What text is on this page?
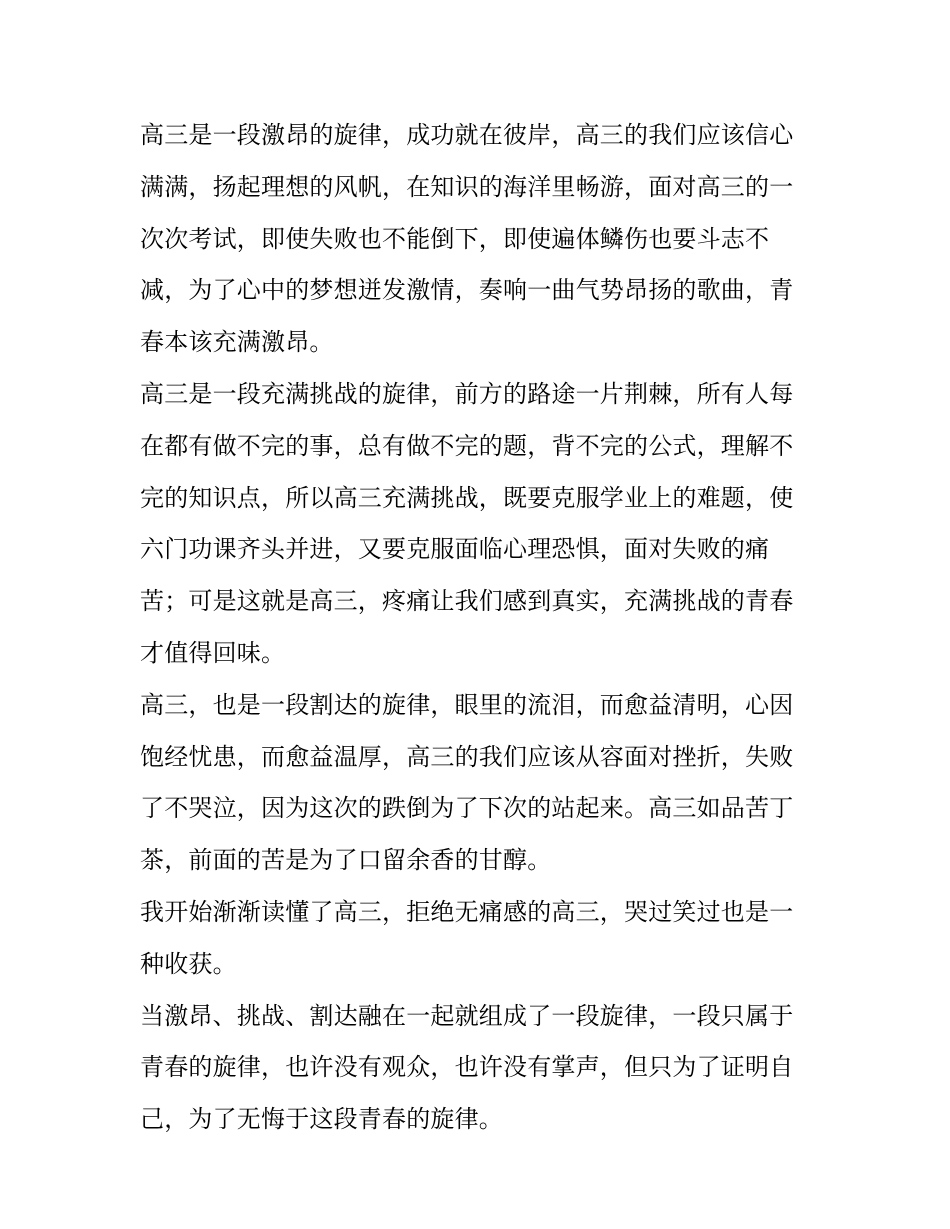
高三是一段激昂的旋律，成功就在彼岸，高三的我们应该信心
满满，扬起理想的风帆，在知识的海洋里畅游，面对高三的一
次次考试，即使失败也不能倒下，即使遍体鳞伤也要斗志不
减，为了心中的梦想迸发激情，奏响一曲气势昂扬的歌曲，青
春本该充满激昂。
高三是一段充满挑战的旋律，前方的路途一片荆棘，所有人每
在都有做不完的事，总有做不完的题，背不完的公式，理解不
完的知识点，所以高三充满挑战，既要克服学业上的难题，使
六门功课齐头并进，又要克服面临心理恐惧，面对失败的痛
苦；可是这就是高三，疼痛让我们感到真实，充满挑战的青春
才值得回味。
高三，也是一段割达的旋律，眼里的流泪，而愈益清明，心因
饱经忧患，而愈益温厚，高三的我们应该从容面对挫折，失败
了不哭泣，因为这次的跌倒为了下次的站起来。高三如品苦丁
茶，前面的苦是为了口留余香的甘醇。
我开始渐渐读懂了高三，拒绝无痛感的高三，哭过笑过也是一
种收获。
当激昂、挑战、割达融在一起就组成了一段旋律，一段只属于
青春的旋律，也许没有观众，也许没有掌声，但只为了证明自
己，为了无悔于这段青春的旋律。
